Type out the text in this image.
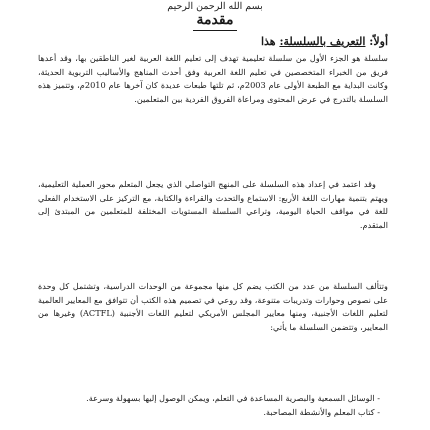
بسم الله الرحمن الرحيم
مقدمة
أولاً: التعريف بالسلسلة: هذا
سلسلة هو الجزء الأول من سلسلة تعليمية تهدف إلى تعليم اللغة العربية لغير الناطقين بها، وقد أعدها فريق من الخبراء المتخصصين في تعليم اللغة العربية وفق أحدث المناهج والأساليب التربوية الحديثة، وكانت البداية مع الطبعة الأولى عام 2003م، ثم تلتها طبعات عديدة كان آخرها عام 2010م، وتتميز هذه السلسلة بالتدرج في عرض المحتوى ومراعاة الفروق الفردية بين المتعلمين.
وقد اعتمد في إعداد هذه السلسلة على المنهج التواصلي الذي يجعل المتعلم محور العملية التعليمية، ويهتم بتنمية مهارات اللغة الأربع: الاستماع والتحدث والقراءة والكتابة، مع التركيز على الاستخدام الفعلي للغة في مواقف الحياة اليومية، وتراعي السلسلة المستويات المختلفة للمتعلمين من المبتدئ إلى المتقدم.
وتتألف السلسلة من عدد من الكتب يضم كل منها مجموعة من الوحدات الدراسية، وتشتمل كل وحدة على نصوص وحوارات وتدريبات متنوعة، وقد روعي في تصميم هذه الكتب أن تتوافق مع المعايير العالمية لتعليم اللغات الأجنبية، ومنها معايير المجلس الأمريكي لتعليم اللغات الأجنبية (ACTFL) وغيرها من المعايير، وتتضمن السلسلة ما يأتي:
- الوسائل السمعية والبصرية المساعدة في التعلم، ويمكن الوصول إليها بسهولة وسرعة.
- كتاب المعلم والأنشطة المصاحبة.
